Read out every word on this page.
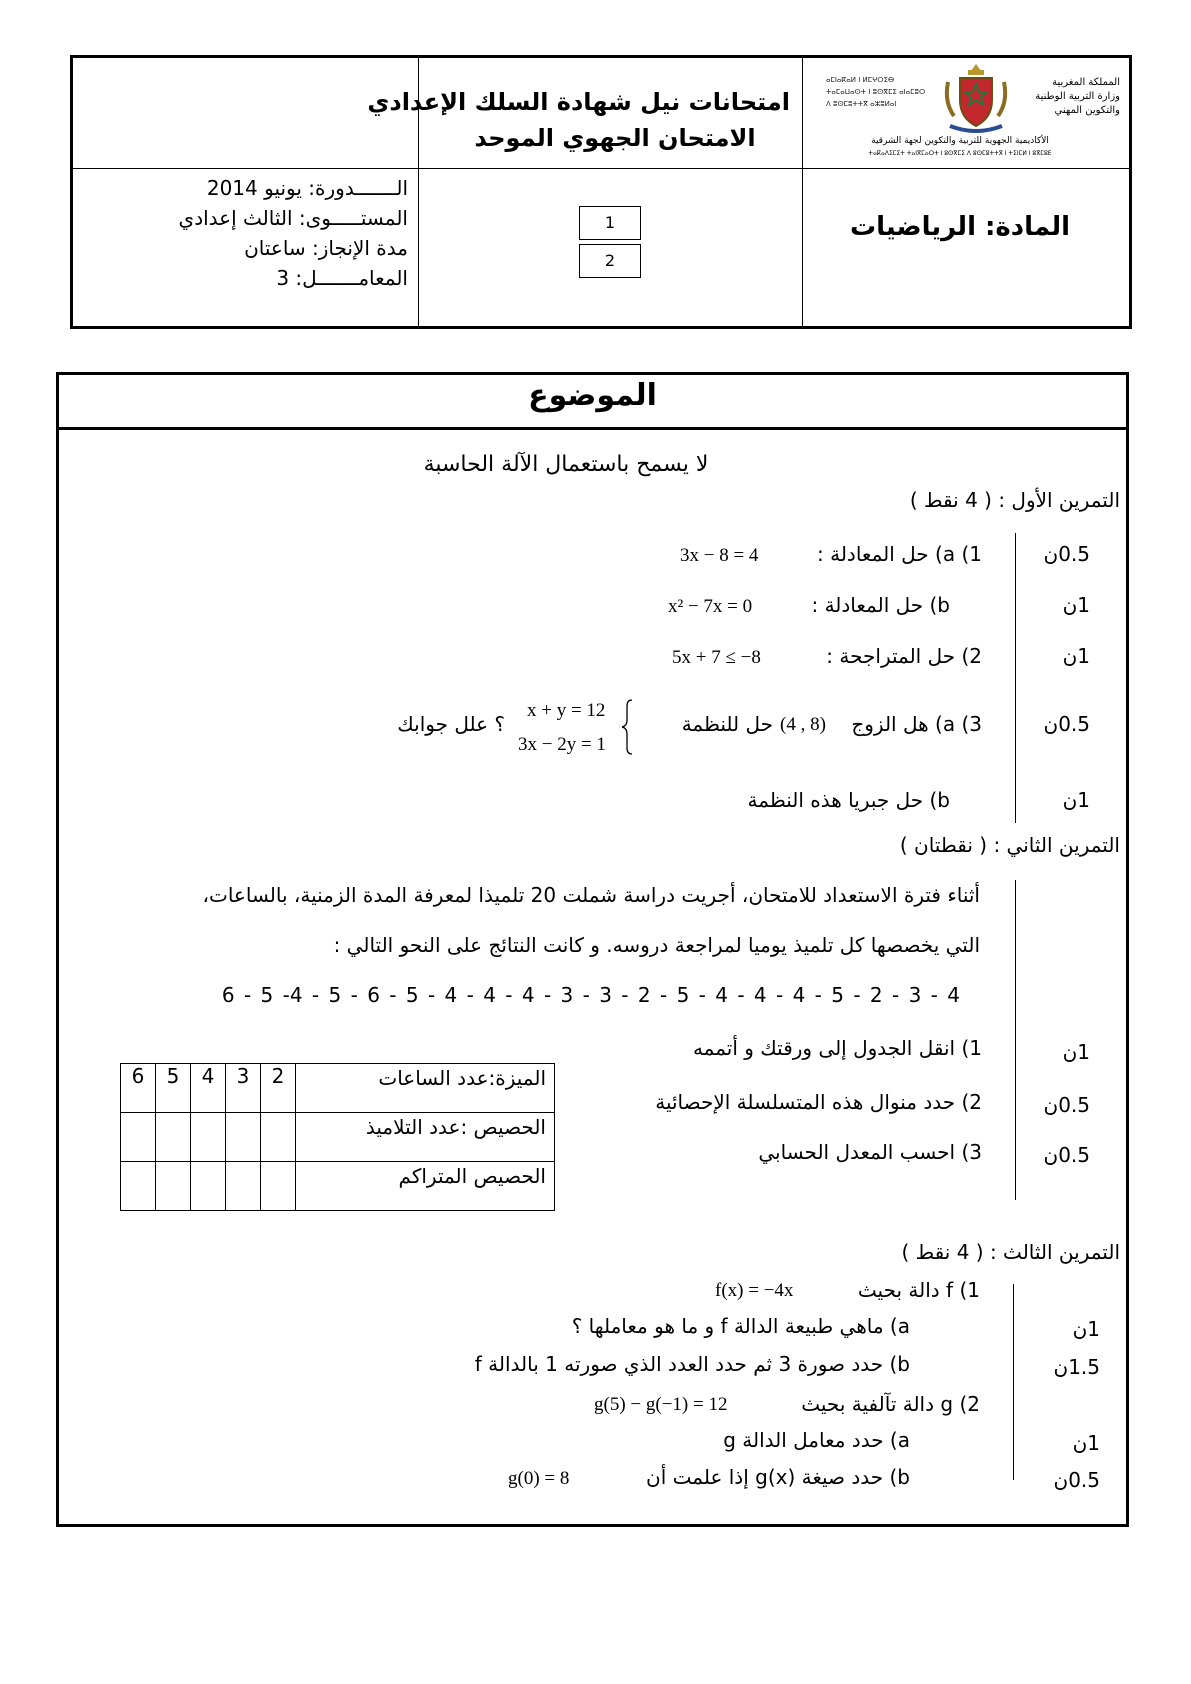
امتحانات نيل شهادة السلك الإعدادي
الامتحان الجهوي الموحد
ⴰⵎⵏⴰⴽⴰⵍ ⵏ ⵍⵎⵖⵔⵉⴱ
ⵜⴰⵎⴰⵡⴰⵙⵜ ⵏ ⵓⵙⴳⵎⵉ ⴰⵏⴰⵎⵓⵔ
ⴷ ⵓⵙⵎⵓⵜⵜⴳ ⴰⵣⵓⵍⴰⵏ
المملكة المغربية
وزارة التربية الوطنية
والتكوين المهني
الأكاديمية الجهوية للتربية والتكوين لجهة الشرقية
ⵜⴰⴽⴰⴷⵉⵎⵉⵜ ⵜⴰⵏⴳⵎⴰⵔⵜ ⵏ ⵓⵙⴳⵎⵉ ⴷ ⵓⵙⵎⵓⵜⵜⴳ ⵏ ⵜⵉⵏⵎⵍ ⵏ ⵓⴳⵎⵓⴹ
المادة: الرياضيات
1
2
الـــــــدورة: يونيو 2014
المستـــــوى: الثالث إعدادي
مدة الإنجاز: ساعتان
المعامـــــــل: 3
الموضوع
لا يسمح باستعمال الآلة الحاسبة
التمرين الأول : ( 4 نقط )
0.5ن
1) a) حل المعادلة :
3x − 8 = 4
1ن
b) حل المعادلة :
x² − 7x = 0
1ن
2) حل المتراجحة :
5x + 7 ≤ −8
0.5ن
3) a) هل الزوج
(4 , 8)
حل للنظمة
x + y = 12
3x − 2y = 1
؟ علل جوابك
1ن
b) حل جبريا هذه النظمة
التمرين الثاني : ( نقطتان )
أثناء فترة الاستعداد للامتحان، أجريت دراسة شملت 20 تلميذا لمعرفة المدة الزمنية، بالساعات،
التي يخصصها كل تلميذ يوميا لمراجعة دروسه. و كانت النتائج على النحو التالي :
4 - 3 - 2 - 5 - 4 - 4 - 4 - 5 - 2 - 3 - 3 - 4 - 4 - 4 - 5 - 6 - 5 - 4- 5 - 6
1ن
1) انقل الجدول إلى ورقتك و أتممه
0.5ن
2) حدد منوال هذه المتسلسلة الإحصائية
0.5ن
3) احسب المعدل الحسابي
6	5	4	3	2	الميزة:عدد الساعات
					الحصيص :عدد التلاميذ
					الحصيص المتراكم
التمرين الثالث : ( 4 نقط )
1) f دالة بحيث
f(x) = −4x
1ن
a) ماهي طبيعة الدالة f و ما هو معاملها ؟
1.5ن
b) حدد صورة 3 ثم حدد العدد الذي صورته 1 بالدالة f
2) g دالة تآلفية بحيث
g(5) − g(−1) = 12
1ن
a) حدد معامل الدالة g
0.5ن
b) حدد صيغة g(x) إذا علمت أن
g(0) = 8
